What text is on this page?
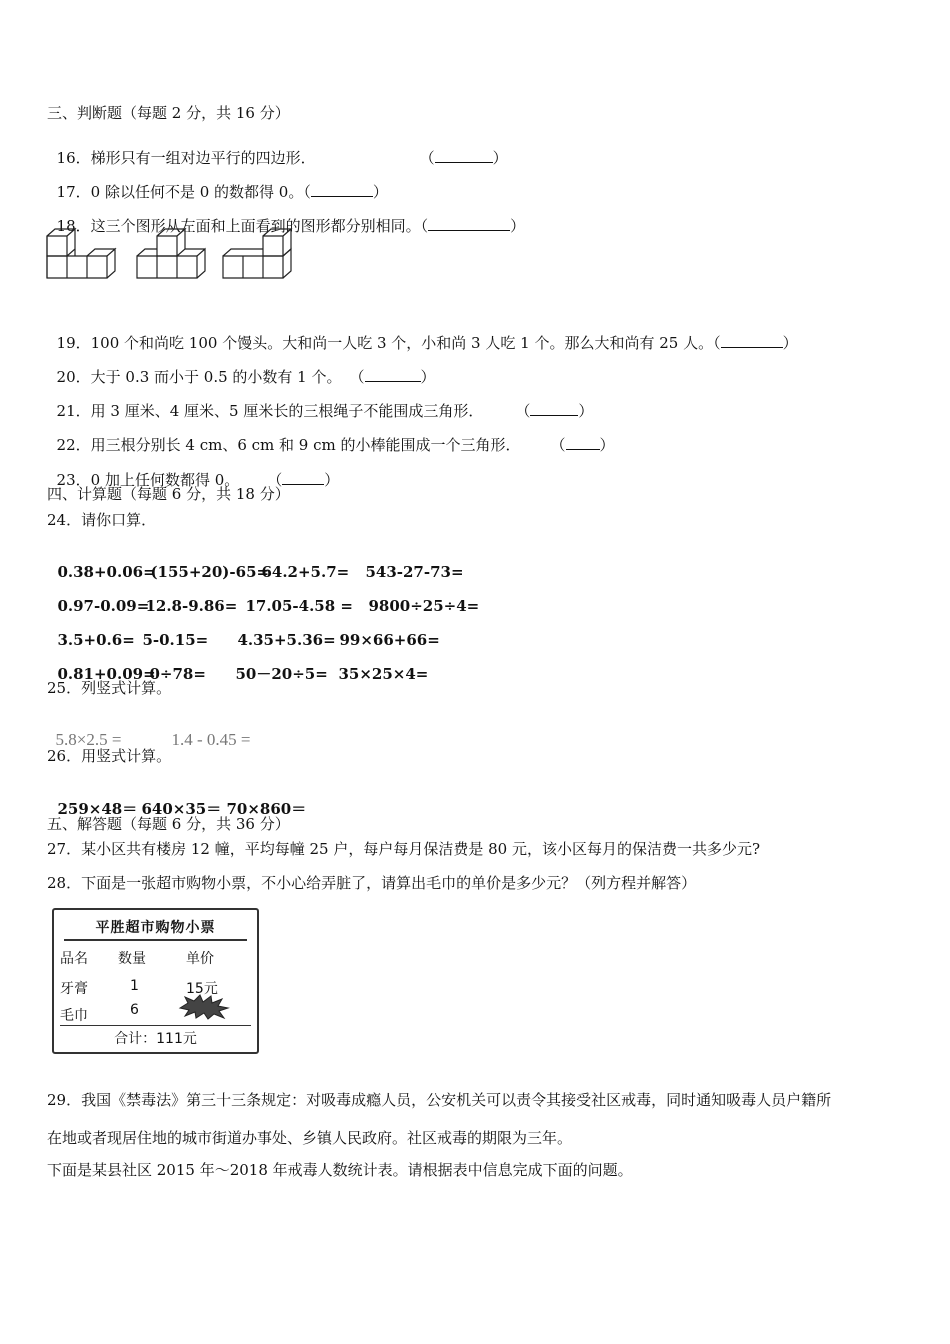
三、判断题（每题 2 分，共 16 分）

16．梯形只有一组对边平行的四边形．	（	）

17．0 除以任何不是 0 的数都得 0。（	）

18．这三个图形从左面和上面看到的图形都分别相同。（	）

19．100 个和尚吃 100 个馒头。大和尚一人吃 3 个，小和尚 3 人吃 1 个。那么大和尚有 25 人。（	）

20．大于 0.3 而小于 0.5 的小数有 1 个。 （	）

21．用 3 厘米、4 厘米、5 厘米长的三根绳子不能围成三角形． （	）

22．用三根分别长 4 cm、6 cm 和 9 cm 的小棒能围成一个三角形． （ ）

23．0 加上任何数都得 0。 （	）

四、计算题（每题 6 分，共 18 分）
24．请你口算．

0.38+0.06=(155+20)-65=64.2+5.7= 543-27-73=

0.97-0.09=12.8-9.86= 17.05-4.58 = 9800÷25÷4=

3.5+0.6= 5-0.15= 4.35+5.36= 99×66+66=

0.81+0.09=0÷78= 50－20÷5= 35×25×4=

25．列竖式计算。

5.8×2.5 =	1.4 - 0.45 =

26．用竖式计算。

259×48＝ 640×35＝ 70×860＝

五、解答题（每题 6 分，共 36 分）
27．某小区共有楼房 12 幢，平均每幢 25 户，每户每月保洁费是 80 元，该小区每月的保洁费一共多少元?
28．下面是一张超市购物小票，不小心给弄脏了，请算出毛巾的单价是多少元？（列方程并解答）
平胜超市购物小票
品名 数量	单价
牙膏	1	15元
毛巾	6
合计：111元
29．我国《禁毒法》第三十三条规定：对吸毒成瘾人员，公安机关可以责令其接受社区戒毒，同时通知吸毒人员户籍所
在地或者现居住地的城市街道办事处、乡镇人民政府。社区戒毒的期限为三年。
下面是某县社区 2015 年～2018 年戒毒人数统计表。请根据表中信息完成下面的问题。
